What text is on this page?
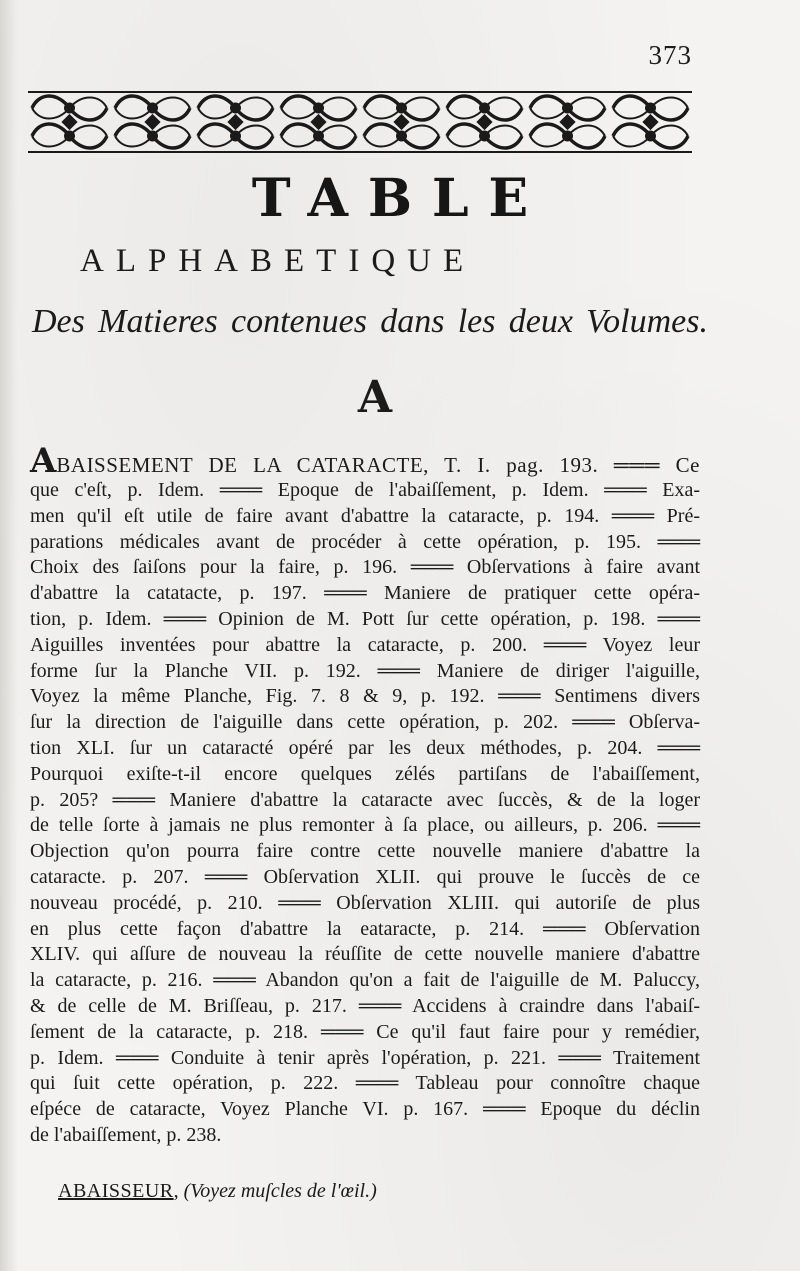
373
TABLE
ALPHABETIQUE
Des Matieres contenues dans les deux Volumes.
A
ABAISSEMENT DE LA CATARACTE, T. I. pag. 193. ═══ Ce
que c'eſt, p. Idem. ═══ Epoque de l'abaiſſement, p. Idem. ═══ Exa-
men qu'il eſt utile de faire avant d'abattre la cataracte, p. 194. ═══ Pré-
parations médicales avant de procéder à cette opération, p. 195. ═══
Choix des ſaiſons pour la faire, p. 196. ═══ Obſervations à faire avant
d'abattre la catatacte, p. 197. ═══ Maniere de pratiquer cette opéra-
tion, p. Idem. ═══ Opinion de M. Pott ſur cette opération, p. 198. ═══
Aiguilles inventées pour abattre la cataracte, p. 200. ═══ Voyez leur
forme ſur la Planche VII. p. 192. ═══ Maniere de diriger l'aiguille,
Voyez la même Planche, Fig. 7. 8 & 9, p. 192. ═══ Sentimens divers
ſur la direction de l'aiguille dans cette opération, p. 202. ═══ Obſerva-
tion XLI. ſur un cataracté opéré par les deux méthodes, p. 204. ═══
Pourquoi exiſte-t-il encore quelques zélés partiſans de l'abaiſſement,
p. 205? ═══ Maniere d'abattre la cataracte avec ſuccès, & de la loger
de telle ſorte à jamais ne plus remonter à ſa place, ou ailleurs, p. 206. ═══
Objection qu'on pourra faire contre cette nouvelle maniere d'abattre la
cataracte. p. 207. ═══ Obſervation XLII. qui prouve le ſuccès de ce
nouveau procédé, p. 210. ═══ Obſervation XLIII. qui autoriſe de plus
en plus cette façon d'abattre la eataracte, p. 214. ═══ Obſervation
XLIV. qui aſſure de nouveau la réuſſite de cette nouvelle maniere d'abattre
la cataracte, p. 216. ═══ Abandon qu'on a fait de l'aiguille de M. Paluccy,
& de celle de M. Briſſeau, p. 217. ═══ Accidens à craindre dans l'abaiſ-
ſement de la cataracte, p. 218. ═══ Ce qu'il faut faire pour y remédier,
p. Idem. ═══ Conduite à tenir après l'opération, p. 221. ═══ Traitement
qui ſuit cette opération, p. 222. ═══ Tableau pour connoître chaque
eſpéce de cataracte, Voyez Planche VI. p. 167. ═══ Epoque du déclin
de l'abaiſſement, p. 238.
ABAISSEUR, (Voyez muſcles de l'œil.)
